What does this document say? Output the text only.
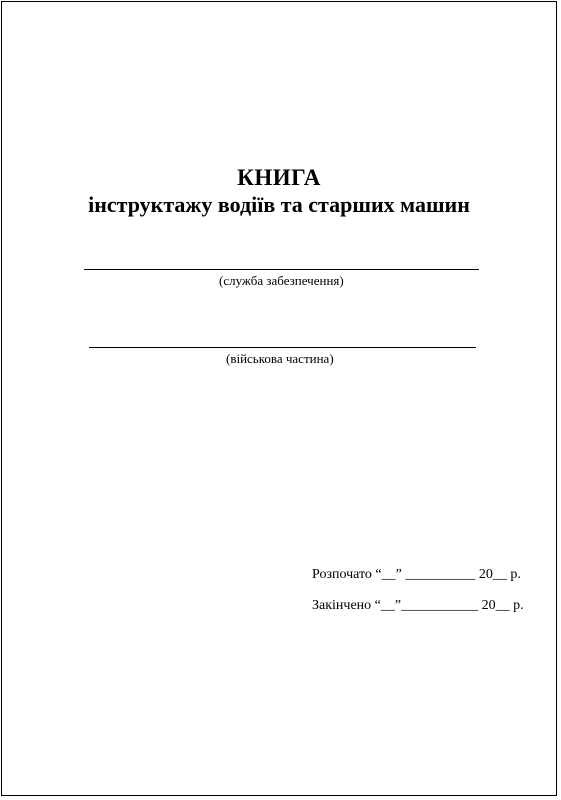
КНИГА
інструктажу водіїв та старших машин
(служба забезпечення)
(військова частина)
Розпочато “__” __________ 20__ р.
Закінчено “__”___________ 20__ р.
